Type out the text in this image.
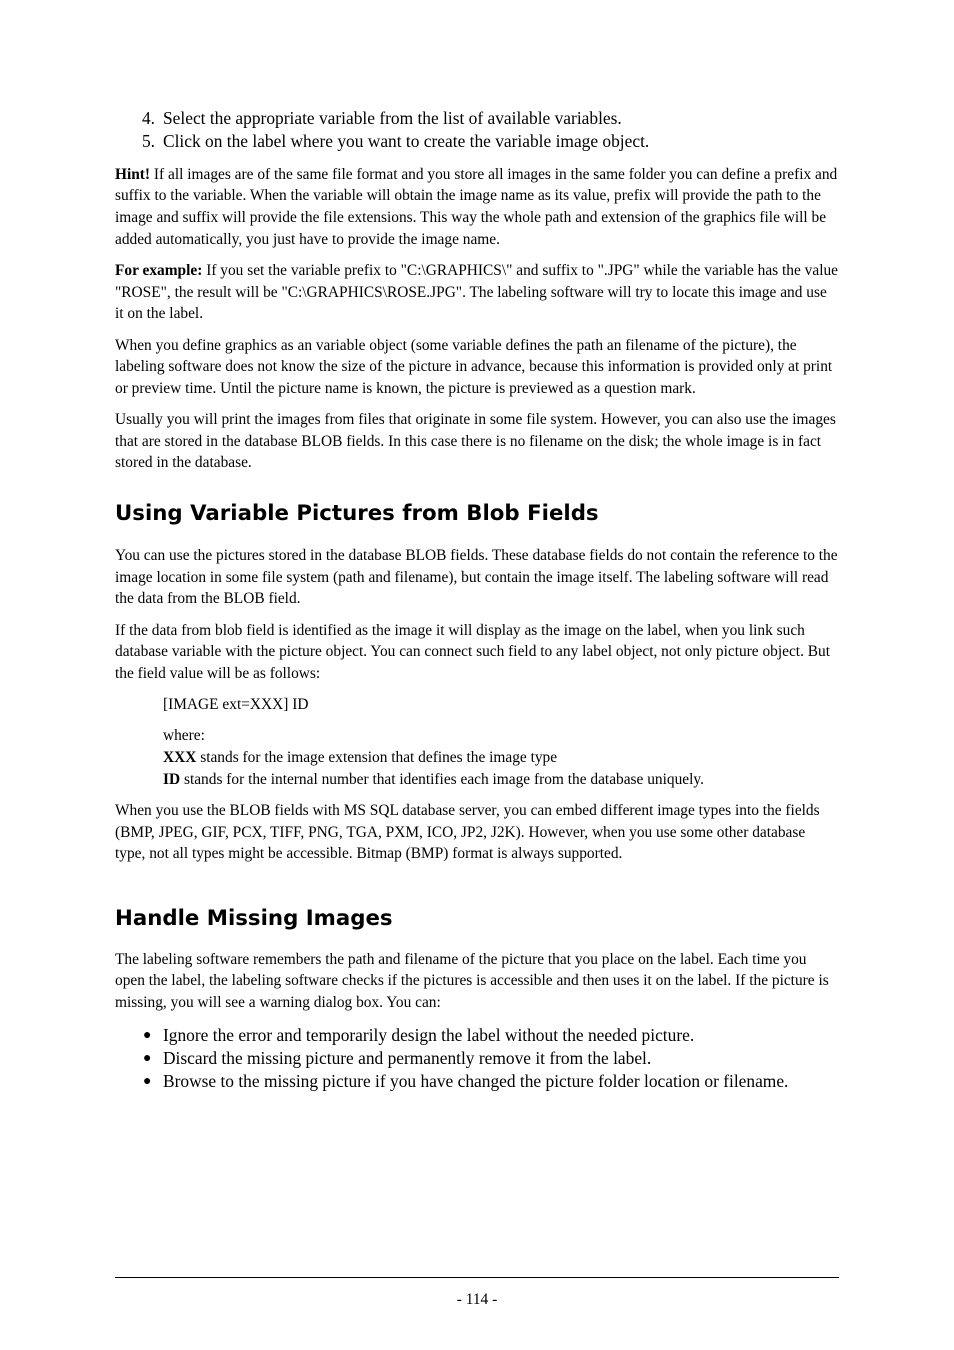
4. Select the appropriate variable from the list of available variables.
5. Click on the label where you want to create the variable image object.

Hint! If all images are of the same file format and you store all images in the same folder you can define a prefix and suffix to the variable. When the variable will obtain the image name as its value, prefix will provide the path to the image and suffix will provide the file extensions. This way the whole path and extension of the graphics file will be added automatically, you just have to provide the image name.

For example: If you set the variable prefix to "C:\GRAPHICS\" and suffix to ".JPG" while the variable has the value "ROSE", the result will be "C:\GRAPHICS\ROSE.JPG". The labeling software will try to locate this image and use it on the label.

When you define graphics as an variable object (some variable defines the path an filename of the picture), the labeling software does not know the size of the picture in advance, because this information is provided only at print or preview time. Until the picture name is known, the picture is previewed as a question mark.

Usually you will print the images from files that originate in some file system. However, you can also use the images that are stored in the database BLOB fields. In this case there is no filename on the disk; the whole image is in fact stored in the database.

Using Variable Pictures from Blob Fields

You can use the pictures stored in the database BLOB fields. These database fields do not contain the reference to the image location in some file system (path and filename), but contain the image itself. The labeling software will read the data from the BLOB field.

If the data from blob field is identified as the image it will display as the image on the label, when you link such database variable with the picture object. You can connect such field to any label object, not only picture object. But the field value will be as follows:

[IMAGE ext=XXX] ID

where:
XXX stands for the image extension that defines the image type
ID stands for the internal number that identifies each image from the database uniquely.

When you use the BLOB fields with MS SQL database server, you can embed different image types into the fields (BMP, JPEG, GIF, PCX, TIFF, PNG, TGA, PXM, ICO, JP2, J2K). However, when you use some other database type, not all types might be accessible. Bitmap (BMP) format is always supported.

Handle Missing Images

The labeling software remembers the path and filename of the picture that you place on the label. Each time you open the label, the labeling software checks if the pictures is accessible and then uses it on the label. If the picture is missing, you will see a warning dialog box. You can:

● Ignore the error and temporarily design the label without the needed picture.
● Discard the missing picture and permanently remove it from the label.
● Browse to the missing picture if you have changed the picture folder location or filename.
- 114 -
